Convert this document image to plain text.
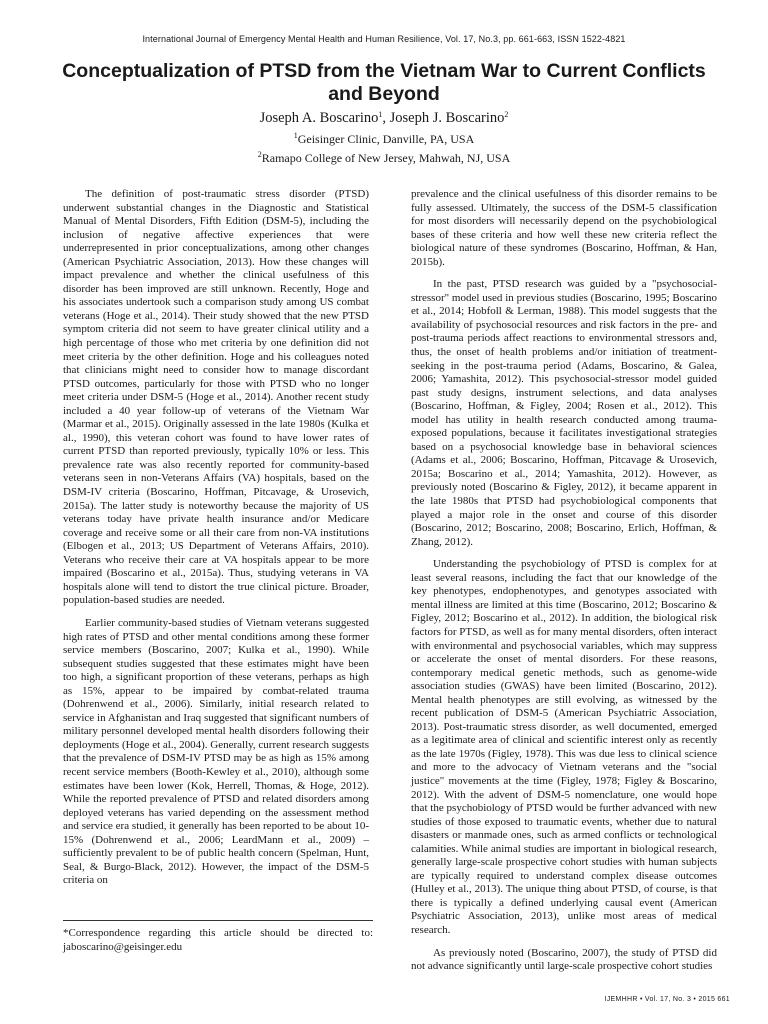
International Journal of Emergency Mental Health and Human Resilience, Vol. 17, No.3, pp. 661-663, ISSN 1522-4821
Conceptualization of PTSD from the Vietnam War to Current Conflicts and Beyond
Joseph A. Boscarino$^1$, Joseph J. Boscarino$^2$
$^1$Geisinger Clinic, Danville, PA, USA
$^2$Ramapo College of New Jersey, Mahwah, NJ, USA

The definition of post-traumatic stress disorder (PTSD) underwent substantial changes in the Diagnostic and Statistical Manual of Mental Disorders, Fifth Edition (DSM-5), including the inclusion of negative affective experiences that were underrepresented in prior conceptualizations, among other changes (American Psychiatric Association, 2013). How these changes will impact prevalence and whether the clinical usefulness of this disorder has been improved are still unknown. Recently, Hoge and his associates undertook such a comparison study among US combat veterans (Hoge et al., 2014). Their study showed that the new PTSD symptom criteria did not seem to have greater clinical utility and a high percentage of those who met criteria by one definition did not meet criteria by the other definition. Hoge and his colleagues noted that clinicians might need to consider how to manage discordant PTSD outcomes, particularly for those with PTSD who no longer meet criteria under DSM-5 (Hoge et al., 2014). Another recent study included a 40 year follow-up of veterans of the Vietnam War (Marmar et al., 2015). Originally assessed in the late 1980s (Kulka et al., 1990), this veteran cohort was found to have lower rates of current PTSD than reported previously, typically 10% or less. This prevalence rate was also recently reported for community-based veterans seen in non-Veterans Affairs (VA) hospitals, based on the DSM-IV criteria (Boscarino, Hoffman, Pitcavage, & Urosevich, 2015a). The latter study is noteworthy because the majority of US veterans today have private health insurance and/or Medicare coverage and receive some or all their care from non-VA institutions (Elbogen et al., 2013; US Department of Veterans Affairs, 2010). Veterans who receive their care at VA hospitals appear to be more impaired (Boscarino et al., 2015a). Thus, studying veterans in VA hospitals alone will tend to distort the true clinical picture. Broader, population-based studies are needed.

Earlier community-based studies of Vietnam veterans suggested high rates of PTSD and other mental conditions among these former service members (Boscarino, 2007; Kulka et al., 1990). While subsequent studies suggested that these estimates might have been too high, a significant proportion of these veterans, perhaps as high as 15%, appear to be impaired by combat-related trauma (Dohrenwend et al., 2006). Similarly, initial research related to service in Afghanistan and Iraq suggested that significant numbers of military personnel developed mental health disorders following their deployments (Hoge et al., 2004). Generally, current research suggests that the prevalence of DSM-IV PTSD may be as high as 15% among recent service members (Booth-Kewley et al., 2010), although some estimates have been lower (Kok, Herrell, Thomas, & Hoge, 2012). While the reported prevalence of PTSD and related disorders among deployed veterans has varied depending on the assessment method and service era studied, it generally has been reported to be about 10-15% (Dohrenwend et al., 2006; LeardMann et al., 2009) – sufficiently prevalent to be of public health concern (Spelman, Hunt, Seal, & Burgo-Black, 2012). However, the impact of the DSM-5 criteria on

prevalence and the clinical usefulness of this disorder remains to be fully assessed. Ultimately, the success of the DSM-5 classification for most disorders will necessarily depend on the psychobiological bases of these criteria and how well these new criteria reflect the biological nature of these syndromes (Boscarino, Hoffman, & Han, 2015b).

In the past, PTSD research was guided by a "psychosocial-stressor" model used in previous studies (Boscarino, 1995; Boscarino et al., 2014; Hobfoll & Lerman, 1988). This model suggests that the availability of psychosocial resources and risk factors in the pre- and post-trauma periods affect reactions to environmental stressors and, thus, the onset of health problems and/or initiation of treatment-seeking in the post-trauma period (Adams, Boscarino, & Galea, 2006; Yamashita, 2012). This psychosocial-stressor model guided past study designs, instrument selections, and data analyses (Boscarino, Hoffman, & Figley, 2004; Rosen et al., 2012). This model has utility in health research conducted among trauma-exposed populations, because it facilitates investigational strategies based on a psychosocial knowledge base in behavioral sciences (Adams et al., 2006; Boscarino, Hoffman, Pitcavage & Urosevich, 2015a; Boscarino et al., 2014; Yamashita, 2012). However, as previously noted (Boscarino & Figley, 2012), it became apparent in the late 1980s that PTSD had psychobiological components that played a major role in the onset and course of this disorder (Boscarino, 2012; Boscarino, 2008; Boscarino, Erlich, Hoffman, & Zhang, 2012).

Understanding the psychobiology of PTSD is complex for at least several reasons, including the fact that our knowledge of the key phenotypes, endophenotypes, and genotypes associated with mental illness are limited at this time (Boscarino, 2012; Boscarino & Figley, 2012; Boscarino et al., 2012). In addition, the biological risk factors for PTSD, as well as for many mental disorders, often interact with environmental and psychosocial variables, which may suppress or accelerate the onset of mental disorders. For these reasons, contemporary medical genetic methods, such as genome-wide association studies (GWAS) have been limited (Boscarino, 2012). Mental health phenotypes are still evolving, as witnessed by the recent publication of DSM-5 (American Psychiatric Association, 2013). Post-traumatic stress disorder, as well documented, emerged as a legitimate area of clinical and scientific interest only as recently as the late 1970s (Figley, 1978). This was due less to clinical science and more to the advocacy of Vietnam veterans and the "social justice" movements at the time (Figley, 1978; Figley & Boscarino, 2012). With the advent of DSM-5 nomenclature, one would hope that the psychobiology of PTSD would be further advanced with new studies of those exposed to traumatic events, whether due to natural disasters or manmade ones, such as armed conflicts or technological calamities. While animal studies are important in biological research, generally large-scale prospective cohort studies with human subjects are typically required to understand complex disease outcomes (Hulley et al., 2013). The unique thing about PTSD, of course, is that there is typically a defined underlying causal event (American Psychiatric Association, 2013), unlike most areas of medical research.

As previously noted (Boscarino, 2007), the study of PTSD did not advance significantly until large-scale prospective cohort studies

*Correspondence regarding this article should be directed to: jaboscarino@geisinger.edu
IJEMHHR • Vol. 17, No. 3 • 2015 661
